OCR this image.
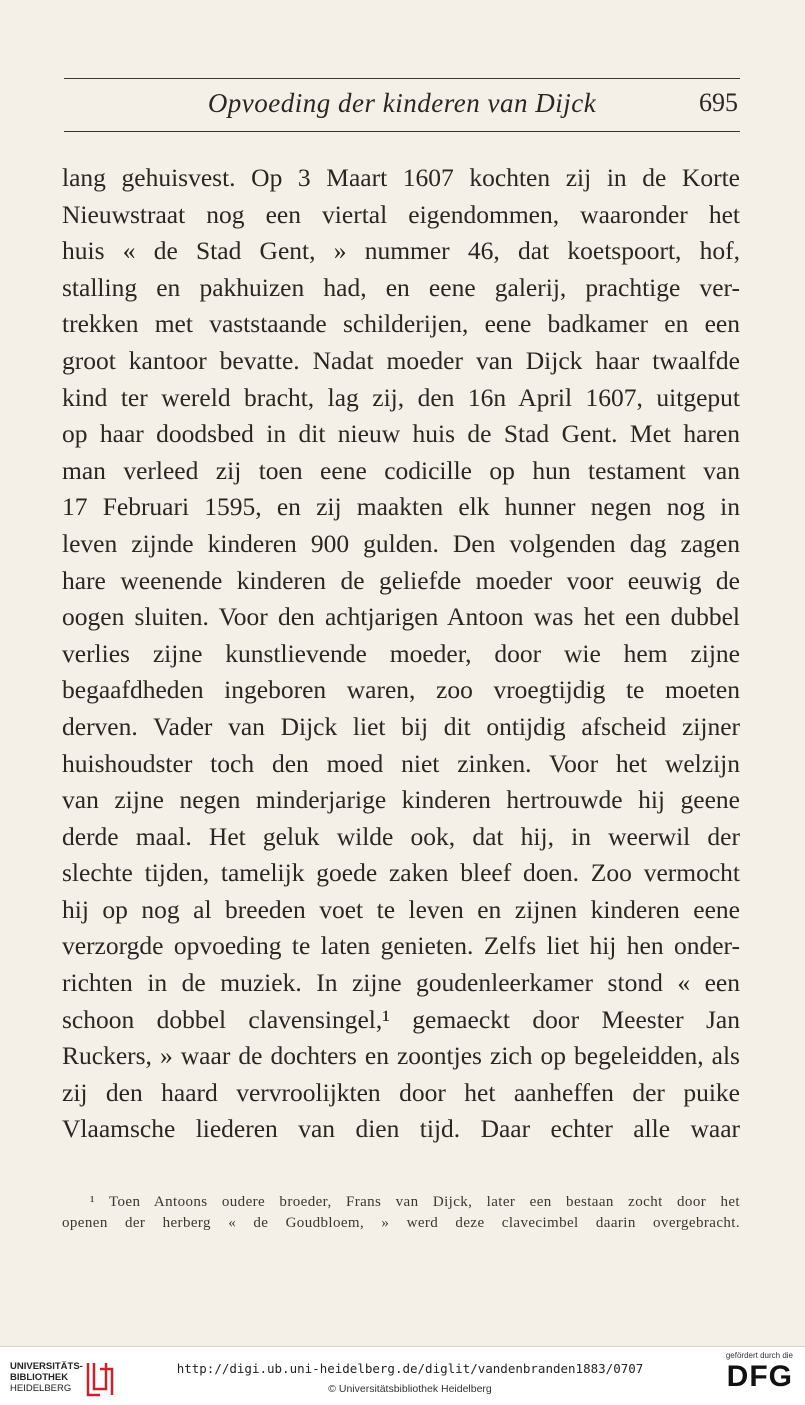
Opvoeding der kinderen van Dijck	695
lang gehuisvest. Op 3 Maart 1607 kochten zij in de Korte
Nieuwstraat nog een viertal eigendommen, waaronder het
huis « de Stad Gent, » nummer 46, dat koetspoort, hof,
stalling en pakhuizen had, en eene galerij, prachtige ver-
trekken met vaststaande schilderijen, eene badkamer en een
groot kantoor bevatte. Nadat moeder van Dijck haar twaalfde
kind ter wereld bracht, lag zij, den 16n April 1607, uitgeput
op haar doodsbed in dit nieuw huis de Stad Gent. Met haren
man verleed zij toen eene codicille op hun testament van
17 Februari 1595, en zij maakten elk hunner negen nog in
leven zijnde kinderen 900 gulden. Den volgenden dag zagen
hare weenende kinderen de geliefde moeder voor eeuwig de
oogen sluiten. Voor den achtjarigen Antoon was het een dubbel
verlies zijne kunstlievende moeder, door wie hem zijne
begaafdheden ingeboren waren, zoo vroegtijdig te moeten
derven. Vader van Dijck liet bij dit ontijdig afscheid zijner
huishoudster toch den moed niet zinken. Voor het welzijn
van zijne negen minderjarige kinderen hertrouwde hij geene
derde maal. Het geluk wilde ook, dat hij, in weerwil der
slechte tijden, tamelijk goede zaken bleef doen. Zoo vermocht
hij op nog al breeden voet te leven en zijnen kinderen eene
verzorgde opvoeding te laten genieten. Zelfs liet hij hen onder-
richten in de muziek. In zijne goudenleerkamer stond « een
schoon dobbel clavensingel,¹ gemaeckt door Meester Jan
Ruckers, » waar de dochters en zoontjes zich op begeleidden, als
zij den haard vervroolijkten door het aanheffen der puike
Vlaamsche liederen van dien tijd. Daar echter alle waar
¹ Toen Antoons oudere broeder, Frans van Dijck, later een bestaan zocht door het
openen der herberg « de Goudbloem, » werd deze clavecimbel daarin overgebracht.
UNIVERSITÄTS-
BIBLIOTHEK
HEIDELBERG
http://digi.ub.uni-heidelberg.de/diglit/vandenbranden1883/0707
© Universitätsbibliothek Heidelberg
gefördert durch die
DFG
